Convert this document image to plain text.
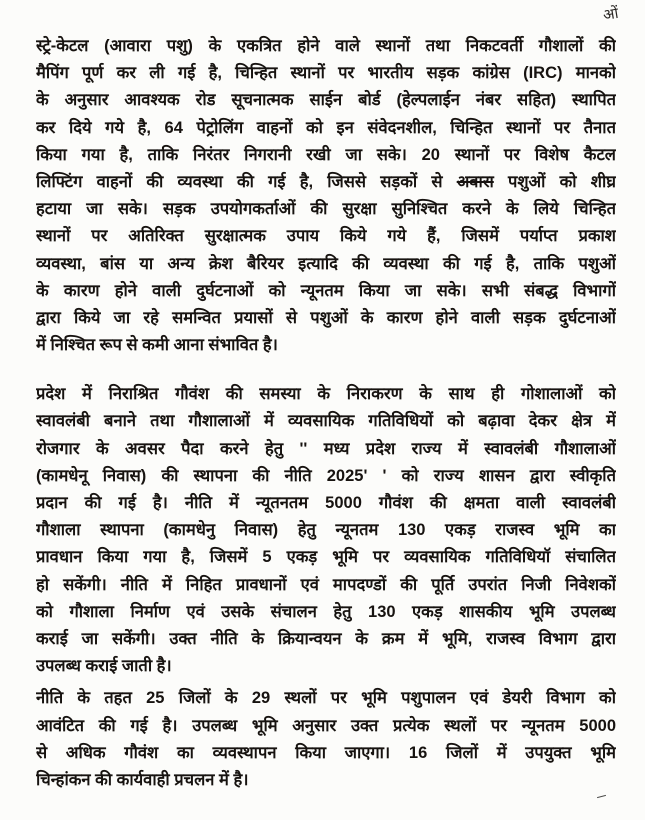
ओं
स्ट्रे-केटल (आवारा पशु) के एकत्रित होने वाले स्थानों तथा निकटवर्ती गौशालों की
मैपिंग पूर्ण कर ली गई है, चिन्हित स्थानों पर भारतीय सड़क कांग्रेस (IRC) मानको
के अनुसार आवश्यक रोड सूचनात्मक साईन बोर्ड (हेल्पलाईन नंबर सहित) स्थापित
कर दिये गये है, 64 पेट्रोलिंग वाहनों को इन संवेदनशील, चिन्हित स्थानों पर तैनात
किया गया है, ताकि निरंतर निगरानी रखी जा सके। 20 स्थानों पर विशेष कैटल
लिफ्टिंग वाहनों की व्यवस्था की गई है, जिससे सड़कों से अवारा पशुओं को शीघ्र
हटाया जा सके। सड़क उपयोगकर्ताओं की सुरक्षा सुनिश्चित करने के लिये चिन्हित
स्थानों पर अतिरिक्त सुरक्षात्मक उपाय किये गये हैं, जिसमें पर्याप्त प्रकाश
व्यवस्था, बांस या अन्य क्रेश बैरियर इत्यादि की व्यवस्था की गई है, ताकि पशुओं
के कारण होने वाली दुर्घटनाओं को न्यूनतम किया जा सके। सभी संबद्ध विभागों
द्वारा किये जा रहे समन्वित प्रयासों से पशुओं के कारण होने वाली सड़क दुर्घटनाओं
में निश्चित रूप से कमी आना संभावित है।
प्रदेश में निराश्रित गौवंश की समस्या के निराकरण के साथ ही गोशालाओं को
स्वावलंबी बनाने तथा गौशालाओं में व्यवसायिक गतिविधियों को बढ़ावा देकर क्षेत्र में
रोजगार के अवसर पैदा करने हेतु '' मध्य प्रदेश राज्य में स्वावलंबी गौशालाओं
(कामधेनू निवास) की स्थापना की नीति 2025' ' को राज्य शासन द्वारा स्वीकृति
प्रदान की गई है। नीति में न्यूतनतम 5000 गौवंश की क्षमता वाली स्वावलंबी
गौशाला स्थापना (कामधेनु निवास) हेतु न्यूनतम 130 एकड़ राजस्व भूमि का
प्रावधान किया गया है, जिसमें 5 एकड़ भूमि पर व्यवसायिक गतिविधियॉ संचालित
हो सकेंगी। नीति में निहित प्रावधानों एवं मापदण्डों की पूर्ति उपरांत निजी निवेशकों
को गौशाला निर्माण एवं उसके संचालन हेतु 130 एकड़ शासकीय भूमि उपलब्ध
कराई जा सकेंगी। उक्त नीति के क्रियान्वयन के क्रम में भूमि, राजस्व विभाग द्वारा
उपलब्ध कराई जाती है।
नीति के तहत 25 जिलों के 29 स्थलों पर भूमि पशुपालन एवं डेयरी विभाग को
आवंटित की गई है। उपलब्ध भूमि अनुसार उक्त प्रत्येक स्थलों पर न्यूनतम 5000
से अधिक गौवंश का व्यवस्थापन किया जाएगा। 16 जिलों में उपयुक्त भूमि
चिन्हांकन की कार्यवाही प्रचलन में है।
